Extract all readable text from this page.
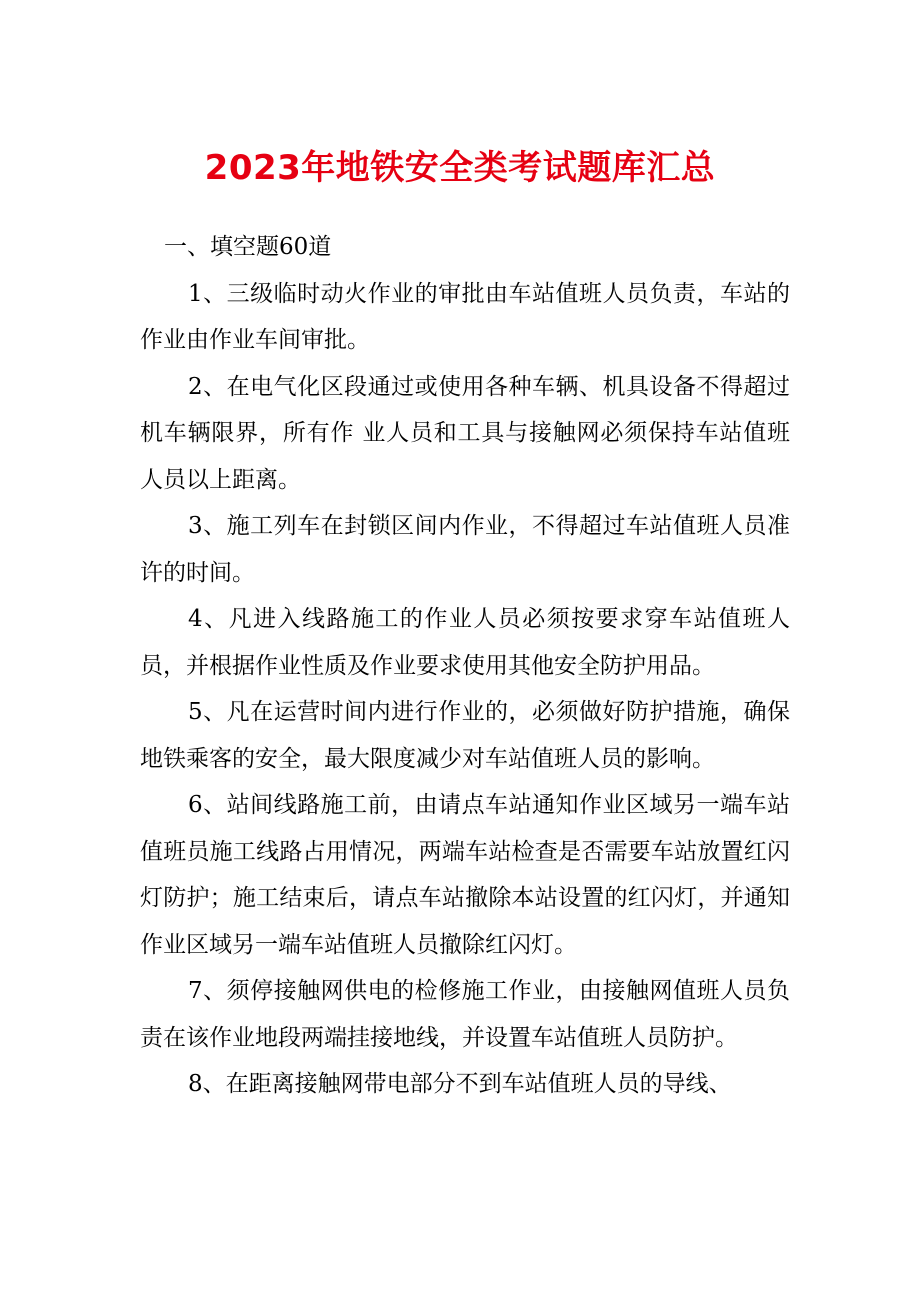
2023年地铁安全类考试题库汇总

一、填空题60道

1、三级临时动火作业的审批由车站值班人员负责，车站的作业由作业车间审批。

2、在电气化区段通过或使用各种车辆、机具设备不得超过机车辆限界，所有作 业人员和工具与接触网必须保持车站值班人员以上距离。

3、施工列车在封锁区间内作业，不得超过车站值班人员准许的时间。

4、凡进入线路施工的作业人员必须按要求穿车站值班人员，并根据作业性质及作业要求使用其他安全防护用品。

5、凡在运营时间内进行作业的，必须做好防护措施，确保地铁乘客的安全，最大限度减少对车站值班人员的影响。

6、站间线路施工前，由请点车站通知作业区域另一端车站值班员施工线路占用情况，两端车站检查是否需要车站放置红闪灯防护；施工结束后，请点车站撤除本站设置的红闪灯，并通知作业区域另一端车站值班人员撤除红闪灯。

7、须停接触网供电的检修施工作业，由接触网值班人员负责在该作业地段两端挂接地线，并设置车站值班人员防护。

8、在距离接触网带电部分不到车站值班人员的导线、
